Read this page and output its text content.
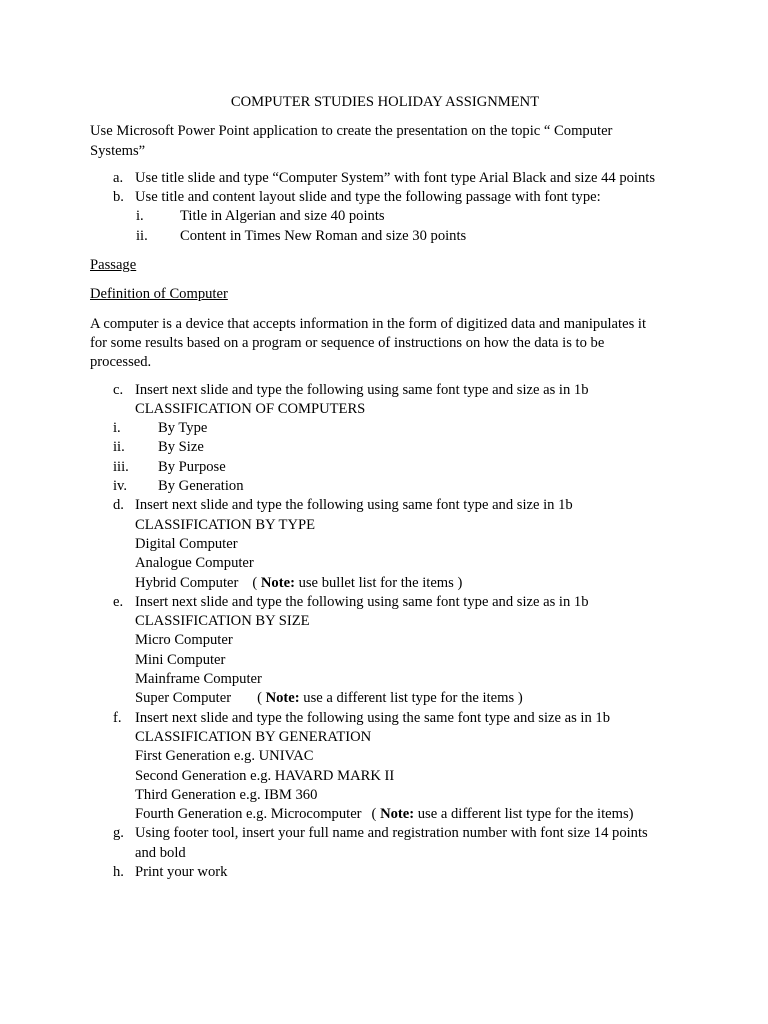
COMPUTER STUDIES HOLIDAY ASSIGNMENT
Use Microsoft Power Point application to create the presentation on the topic “ Computer
Systems”
a. Use title slide and type “Computer System” with font type Arial Black and size 44 points
b. Use title and content layout slide and type the following passage with font type:
i. Title in Algerian and size 40 points
ii. Content in Times New Roman and size 30 points
Passage
Definition of Computer
A computer is a device that accepts information in the form of digitized data and manipulates it
for some results based on a program or sequence of instructions on how the data is to be
processed.
c. Insert next slide and type the following using same font type and size as in 1b
CLASSIFICATION OF COMPUTERS
i.	By Type
ii. By Size
iii. By Purpose
iv. By Generation
d. Insert next slide and type the following using same font type and size in 1b
CLASSIFICATION BY TYPE
Digital Computer
Analogue Computer
Hybrid Computer ( Note: use bullet list for the items )
e. Insert next slide and type the following using same font type and size as in 1b
CLASSIFICATION BY SIZE
Micro Computer
Mini Computer
Mainframe Computer
Super Computer ( Note: use a different list type for the items )
f. Insert next slide and type the following using the same font type and size as in 1b
CLASSIFICATION BY GENERATION
First Generation e.g. UNIVAC
Second Generation e.g. HAVARD MARK II
Third Generation e.g. IBM 360
Fourth Generation e.g. Microcomputer ( Note: use a different list type for the items)
g. Using footer tool, insert your full name and registration number with font size 14 points
and bold
h. Print your work
